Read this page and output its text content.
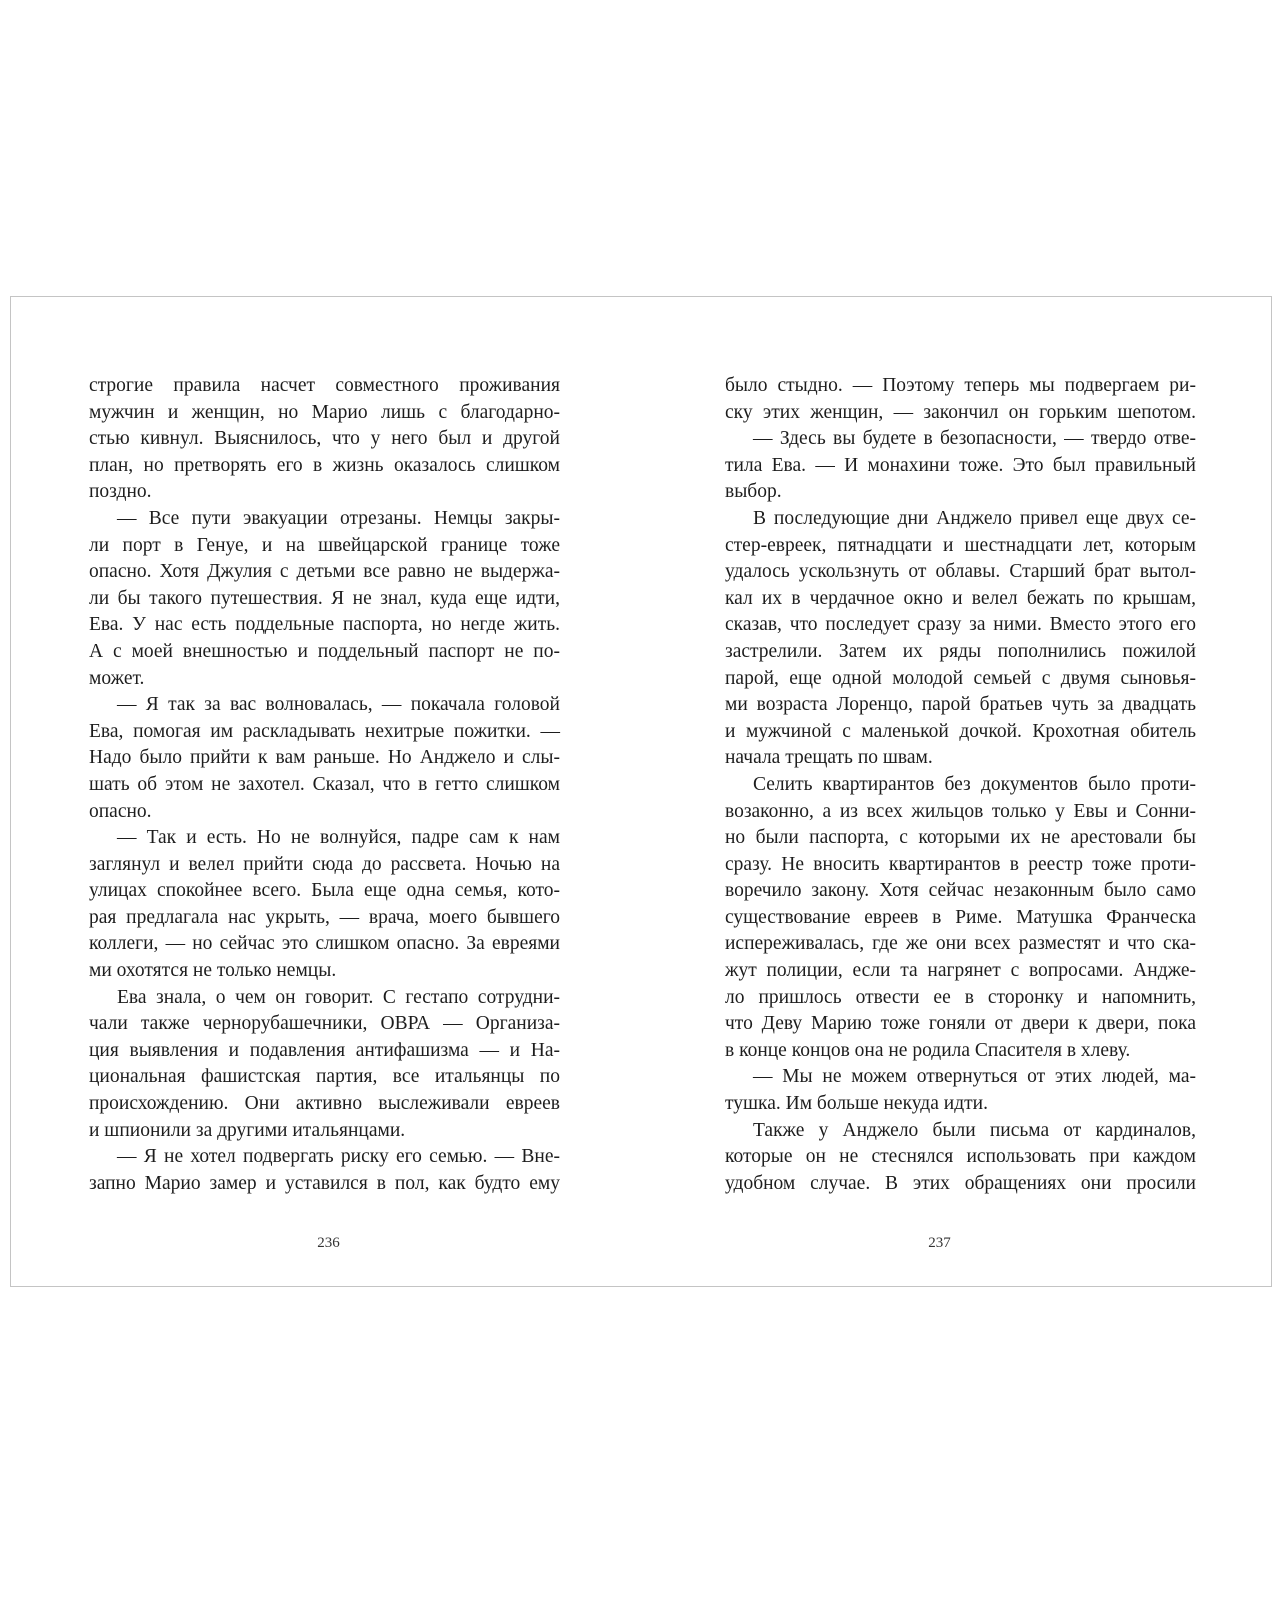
строгие правила насчет совместного проживания
мужчин и женщин, но Марио лишь с благодарно-
стью кивнул. Выяснилось, что у него был и другой
план, но претворять его в жизнь оказалось слишком
поздно.
— Все пути эвакуации отрезаны. Немцы закры-
ли порт в Генуе, и на швейцарской границе тоже
опасно. Хотя Джулия с детьми все равно не выдержа-
ли бы такого путешествия. Я не знал, куда еще идти,
Ева. У нас есть поддельные паспорта, но негде жить.
А с моей внешностью и поддельный паспорт не по-
может.
— Я так за вас волновалась, — покачала головой
Ева, помогая им раскладывать нехитрые пожитки. —
Надо было прийти к вам раньше. Но Анджело и слы-
шать об этом не захотел. Сказал, что в гетто слишком
опасно.
— Так и есть. Но не волнуйся, падре сам к нам
заглянул и велел прийти сюда до рассвета. Ночью на
улицах спокойнее всего. Была еще одна семья, кото-
рая предлагала нас укрыть, — врача, моего бывшего
коллеги, — но сейчас это слишком опасно. За евреями
ми охотятся не только немцы.
Ева знала, о чем он говорит. С гестапо сотрудни-
чали также чернорубашечники, ОВРА — Организа-
ция выявления и подавления антифашизма — и На-
циональная фашистская партия, все итальянцы по
происхождению. Они активно выслеживали евреев
и шпионили за другими итальянцами.
— Я не хотел подвергать риску его семью. — Вне-
запно Марио замер и уставился в пол, как будто ему
236
было стыдно. — Поэтому теперь мы подвергаем ри-
ску этих женщин, — закончил он горьким шепотом.
— Здесь вы будете в безопасности, — твердо отве-
тила Ева. — И монахини тоже. Это был правильный
выбор.
В последующие дни Анджело привел еще двух се-
стер-евреек, пятнадцати и шестнадцати лет, которым
удалось ускользнуть от облавы. Старший брат вытол-
кал их в чердачное окно и велел бежать по крышам,
сказав, что последует сразу за ними. Вместо этого его
застрелили. Затем их ряды пополнились пожилой
парой, еще одной молодой семьей с двумя сыновья-
ми возраста Лоренцо, парой братьев чуть за двадцать
и мужчиной с маленькой дочкой. Крохотная обитель
начала трещать по швам.
Селить квартирантов без документов было проти-
возаконно, а из всех жильцов только у Евы и Сонни-
но были паспорта, с которыми их не арестовали бы
сразу. Не вносить квартирантов в реестр тоже проти-
воречило закону. Хотя сейчас незаконным было само
существование евреев в Риме. Матушка Франческа
испереживалась, где же они всех разместят и что ска-
жут полиции, если та нагрянет с вопросами. Андже-
ло пришлось отвести ее в сторонку и напомнить,
что Деву Марию тоже гоняли от двери к двери, пока
в конце концов она не родила Спасителя в хлеву.
— Мы не можем отвернуться от этих людей, ма-
тушка. Им больше некуда идти.
Также у Анджело были письма от кардиналов,
которые он не стеснялся использовать при каждом
удобном случае. В этих обращениях они просили
237
